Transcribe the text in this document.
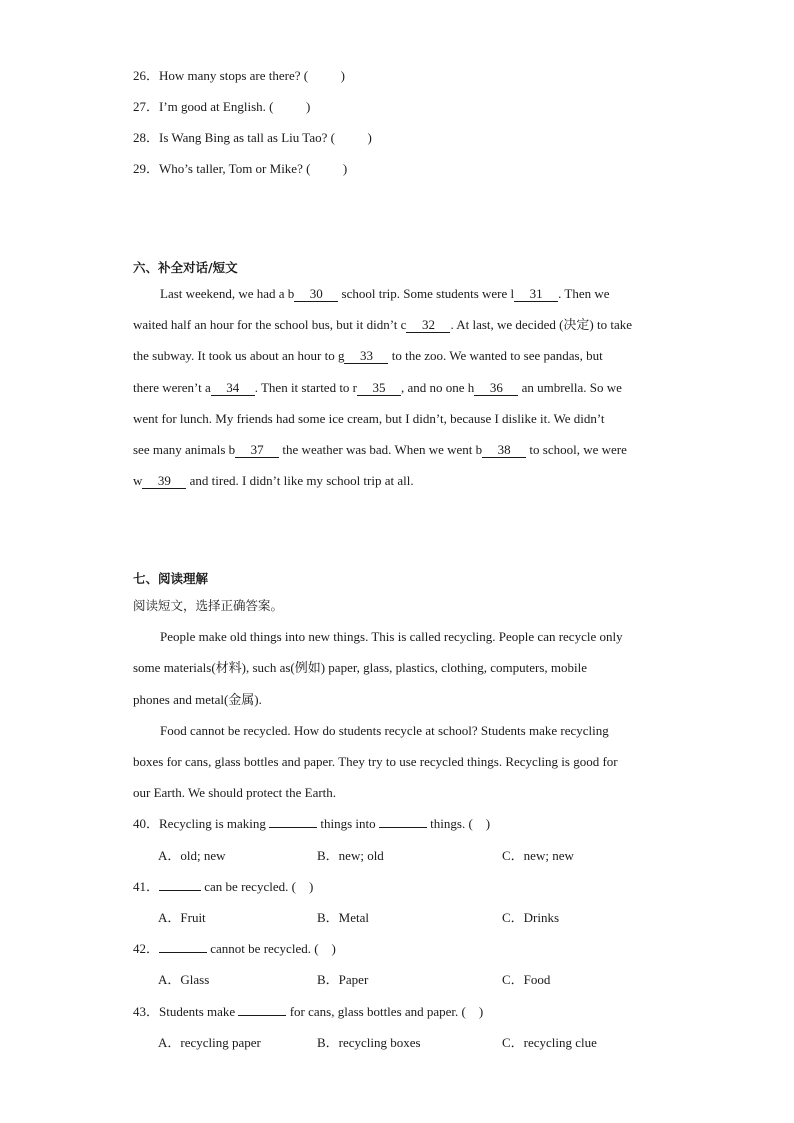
26．How many stops are there? (          )
27．I’m good at English. (          )
28．Is Wang Bing as tall as Liu Tao? (          )
29．Who’s taller, Tom or Mike? (          )
六、补全对话/短文
Last weekend, we had a b 30 school trip. Some students were l 31 . Then we
waited half an hour for the school bus, but it didn’t c 32 . At last, we decided (决定) to take
the subway. It took us about an hour to g 33 to the zoo. We wanted to see pandas, but
there weren’t a 34 . Then it started to r 35 , and no one h 36 an umbrella. So we
went for lunch. My friends had some ice cream, but I didn’t, because I dislike it. We didn’t
see many animals b 37 the weather was bad. When we went b 38 to school, we were
w 39 and tired. I didn’t like my school trip at all.
七、阅读理解
阅读短文，选择正确答案。
People make old things into new things. This is called recycling. People can recycle only
some materials(材料), such as(例如) paper, glass, plastics, clothing, computers, mobile
phones and metal(金属).
Food cannot be recycled. How do students recycle at school? Students make recycling
boxes for cans, glass bottles and paper. They try to use recycled things. Recycling is good for
our Earth. We should protect the Earth.
40．Recycling is making	things into	things. (    )
A．old; new	B．new; old	C．new; new
41．	can be recycled. (    )
A．Fruit	B．Metal	C．Drinks
42．	cannot be recycled. (    )
A．Glass	B．Paper	C．Food
43．Students make	for cans, glass bottles and paper. (    )
A．recycling paper	B．recycling boxes	C．recycling clue
